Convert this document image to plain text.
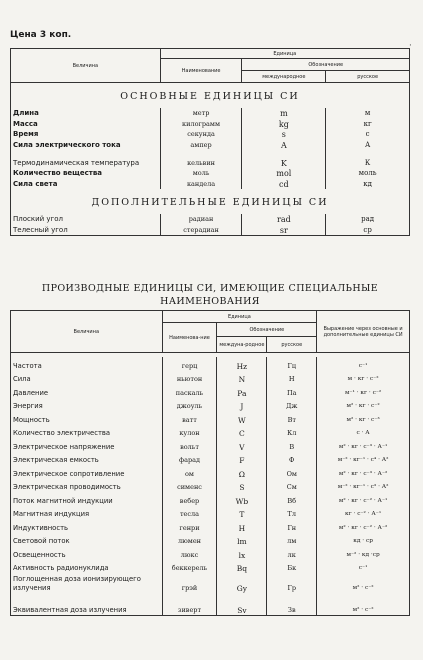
Цена 3 коп.
'
Величина	Единица		
	Наименование	Обозначение	
		международное	русское
ОСНОВНЫЕ ЕДИНИЦЫ СИ			
Длина	метр	m	м
Масса	килограмм	kg	кг
Время	секунда	s	с
Сила электрического тока	ампер	A	А
Термодинамическая температура	кельвин	K	К
Количество вещества	моль	mol	моль
Сила света	кандела	cd	кд
ДОПОЛНИТЕЛЬНЫЕ ЕДИНИЦЫ СИ			
Плоский угол	радиан	rad	рад
Телесный угол	стерадиан	sr	ср
ПРОИЗВОДНЫЕ ЕДИНИЦЫ СИ, ИМЕЮЩИЕ СПЕЦИАЛЬНЫЕ НАИМЕНОВАНИЯ
Величина	Единица			Выражение через основные и дополнительные единицы СИ
	Наименова-ние	Обозначение		
		междуна-родное	русское	

Частота	герц	Hz	Гц	с⁻¹
Сила	ньютон	N	Н	м · кг · с⁻²
Давление	паскаль	Pa	Па	м⁻¹ · кг · с⁻²
Энергия	джоуль	J	Дж	м² · кг · с⁻²
Мощность	ватт	W	Вт	м² · кг · с⁻³
Количество электричества	кулон	C	Кл	с · А
Электрическое напряжение	вольт	V	В	м² · кг · с⁻³ · А⁻¹
Электрическая емкость	фарад	F	Ф	м⁻² · кг⁻¹ · с⁴ · А²
Электрическое сопротивление	ом	Ω	Ом	м² · кг · с⁻³ · А⁻²
Электрическая проводимость	сименс	S	См	м⁻² · кг⁻¹ · с³ · А²
Поток магнитной индукции	вебер	Wb	Вб	м² · кг · с⁻² · А⁻¹
Магнитная индукция	тесла	T	Тл	кг · с⁻² · А⁻¹
Индуктивность	генри	H	Гн	м² · кг · с⁻² · А⁻²
Световой поток	люмен	lm	лм	кд · ср
Освещенность	люкс	lx	лк	м⁻² · кд ·ср
Активность радионуклида	беккерель	Bq	Бк	с⁻¹
Поглощенная доза ионизирующего излучения	грэй	Gy	Гр	м² · с⁻²
Эквивалентная доза излучения	зиверт	Sv	Зв	м² · с⁻²
